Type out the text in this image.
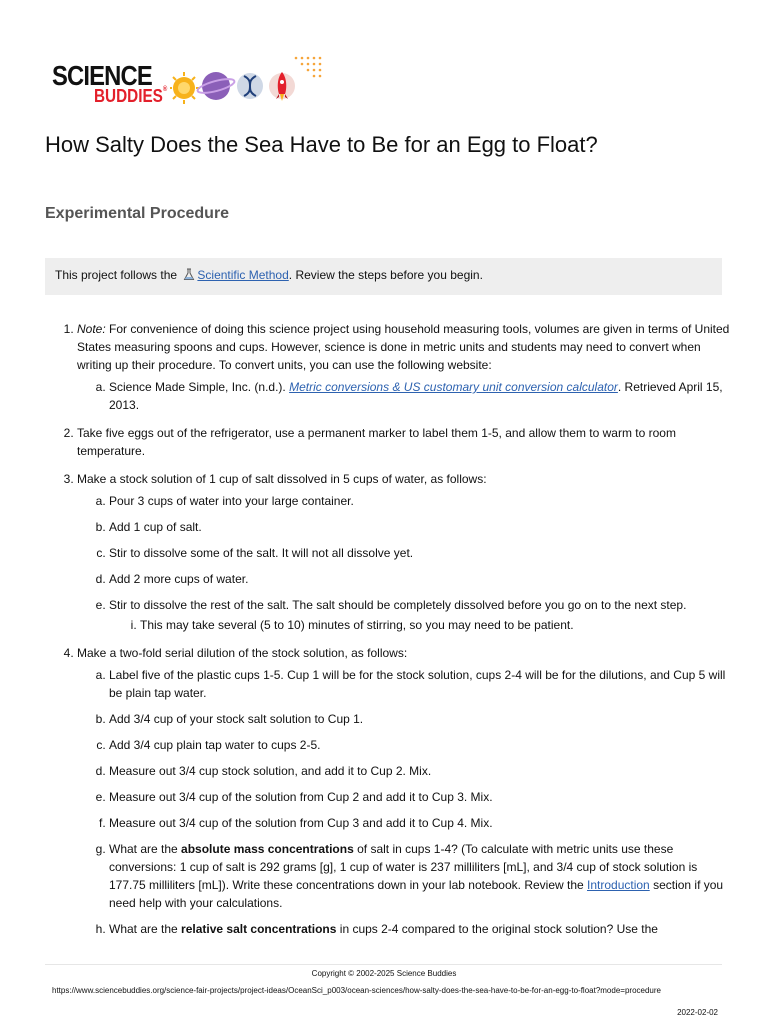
SCIENCE
BUDDIES®
How Salty Does the Sea Have to Be for an Egg to Float?
Experimental Procedure
This project follows the Scientific Method. Review the steps before you begin.
1. Note: For convenience of doing this science project using household measuring tools, volumes are given in terms of United States measuring spoons and cups. However, science is done in metric units and students may need to convert when writing up their procedure. To convert units, you can use the following website:
a. Science Made Simple, Inc. (n.d.). Metric conversions & US customary unit conversion calculator. Retrieved April 15, 2013.
2. Take five eggs out of the refrigerator, use a permanent marker to label them 1-5, and allow them to warm to room temperature.
3. Make a stock solution of 1 cup of salt dissolved in 5 cups of water, as follows:
a. Pour 3 cups of water into your large container.
b. Add 1 cup of salt.
c. Stir to dissolve some of the salt. It will not all dissolve yet.
d. Add 2 more cups of water.
e. Stir to dissolve the rest of the salt. The salt should be completely dissolved before you go on to the next step.
i. This may take several (5 to 10) minutes of stirring, so you may need to be patient.
4. Make a two-fold serial dilution of the stock solution, as follows:
a. Label five of the plastic cups 1-5. Cup 1 will be for the stock solution, cups 2-4 will be for the dilutions, and Cup 5 will be plain tap water.
b. Add 3/4 cup of your stock salt solution to Cup 1.
c. Add 3/4 cup plain tap water to cups 2-5.
d. Measure out 3/4 cup stock solution, and add it to Cup 2. Mix.
e. Measure out 3/4 cup of the solution from Cup 2 and add it to Cup 3. Mix.
f. Measure out 3/4 cup of the solution from Cup 3 and add it to Cup 4. Mix.
g. What are the absolute mass concentrations of salt in cups 1-4? (To calculate with metric units use these conversions: 1 cup of salt is 292 grams [g], 1 cup of water is 237 milliliters [mL], and 3/4 cup of stock solution is 177.75 milliliters [mL]). Write these concentrations down in your lab notebook. Review the Introduction section if you need help with your calculations.
h. What are the relative salt concentrations in cups 2-4 compared to the original stock solution? Use the
Copyright © 2002-2025 Science Buddies
https://www.sciencebuddies.org/science-fair-projects/project-ideas/OceanSci_p003/ocean-sciences/how-salty-does-the-sea-have-to-be-for-an-egg-to-float?mode=procedure
2022-02-02
